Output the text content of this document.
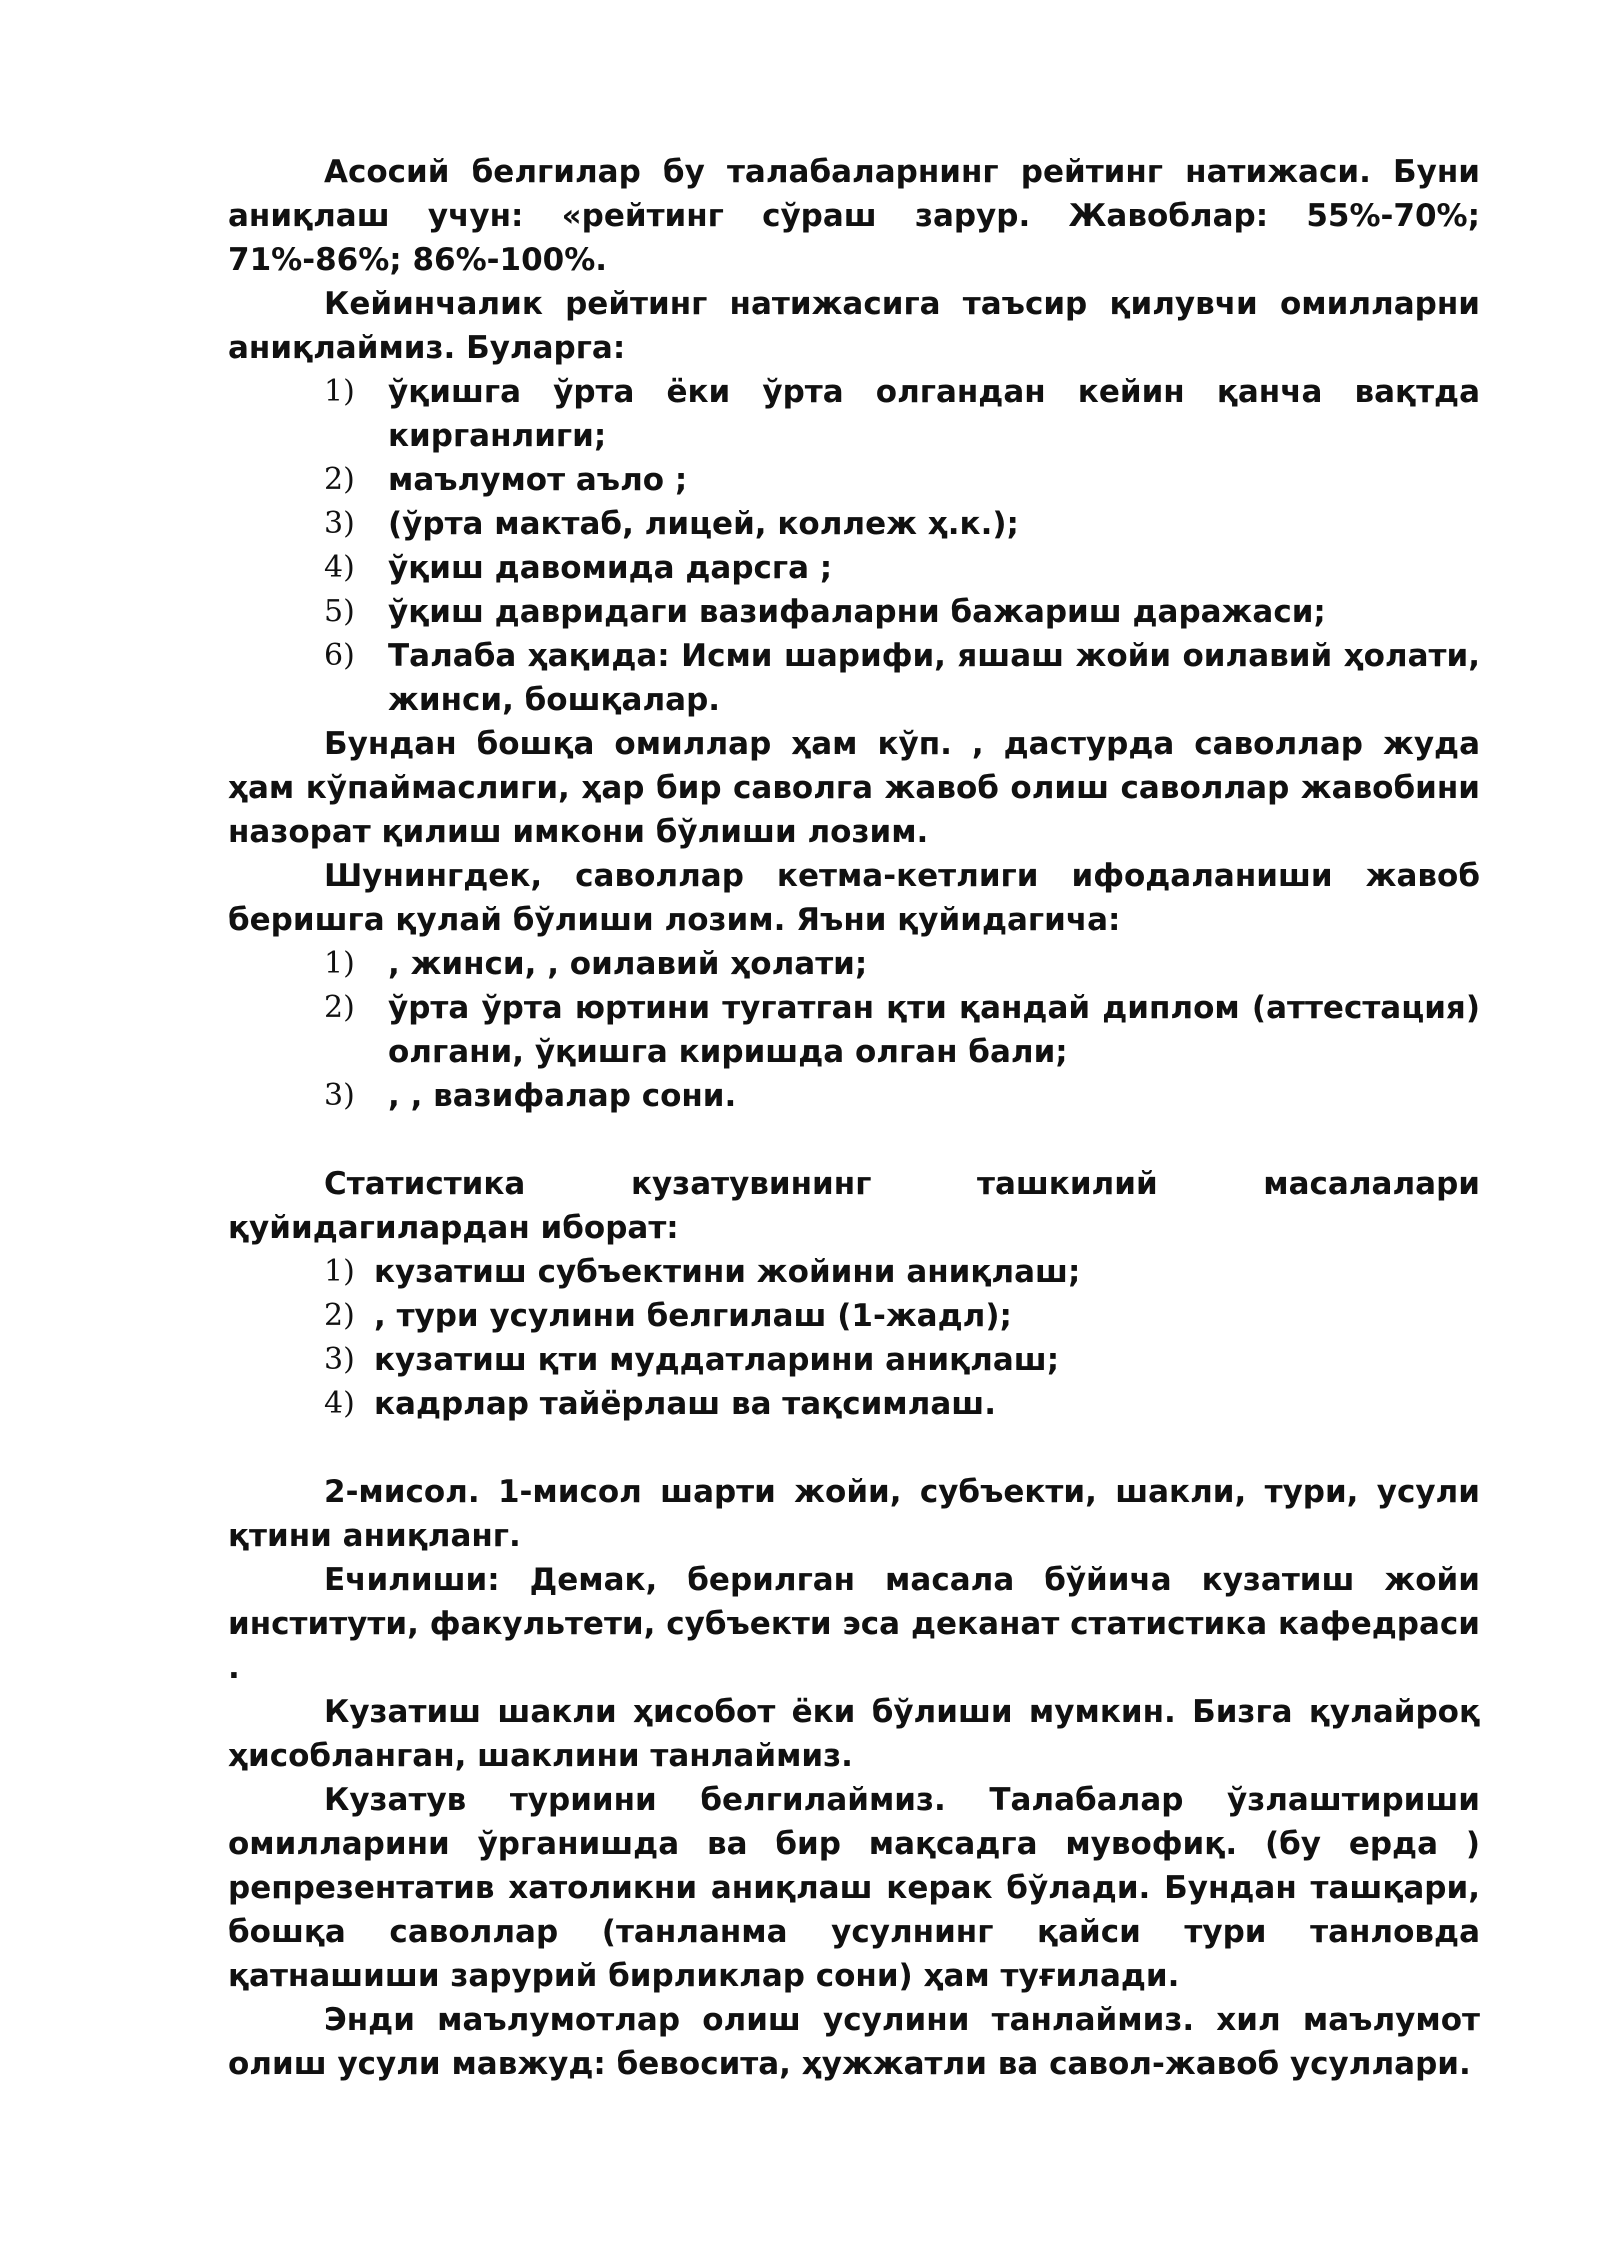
Асосий белгилар бу талабаларнинг рейтинг натижаси. Буни аниқлаш учун: «рейтинг сўраш зарур. Жавоблар: 55%-70%; 71%-86%; 86%-100%.

Кейинчалик рейтинг натижасига таъсир қилувчи омилларни аниқлаймиз. Буларга:

1)	ўқишга ўрта ёки ўрта олгандан кейин қанча вақтда кирганлиги;
2)	маълумот аъло ;
3)	(ўрта мактаб, лицей, коллеж ҳ.к.);
4)	ўқиш давомида дарсга ;
5)	ўқиш давридаги вазифаларни бажариш даражаси;
6)	Талаба ҳақида: Исми шарифи, яшаш жойи оилавий ҳолати, жинси, бошқалар.

Бундан бошқа омиллар ҳам кўп. , дастурда саволлар жуда ҳам кўпаймаслиги, ҳар бир саволга жавоб олиш саволлар жавобини назорат қилиш имкони бўлиши лозим.

Шунингдек, саволлар кетма-кетлиги ифодаланиши жавоб беришга қулай бўлиши лозим. Яъни қуйидагича:

1)	, жинси, , оилавий ҳолати;
2)	ўрта ўрта юртини тугатган қти қандай диплом (аттестация) олгани, ўқишга киришда олган бали;
3)	, , вазифалар сони.

Статистика кузатувининг ташкилий масалалари қуйидагилардан иборат:

1) кузатиш субъектини жойини аниқлаш;
2) , тури усулини белгилаш (1-жадл);
3) кузатиш қти муддатларини аниқлаш;
4) кадрлар тайёрлаш ва тақсимлаш.

2-мисол. 1-мисол шарти жойи, субъекти, шакли, тури, усули қтини аниқланг.

Ечилиши: Демак, берилган масала бўйича кузатиш жойи институти, факультети, субъекти эса деканат статистика кафедраси .

Кузатиш шакли ҳисобот ёки бўлиши мумкин. Бизга қулайроқ ҳисобланган, шаклини танлаймиз.

Кузатув туриини белгилаймиз. Талабалар ўзлаштириши омилларини ўрганишда ва бир мақсадга мувофиқ. (бу ерда ) репрезентатив хатоликни аниқлаш керак бўлади. Бундан ташқари, бошқа саволлар (танланма усулнинг қайси тури танловда қатнашиши зарурий бирликлар сони) ҳам туғилади.

Энди маълумотлар олиш усулини танлаймиз. хил маълумот олиш усули мавжуд: бевосита, ҳужжатли ва савол-жавоб усуллари.
